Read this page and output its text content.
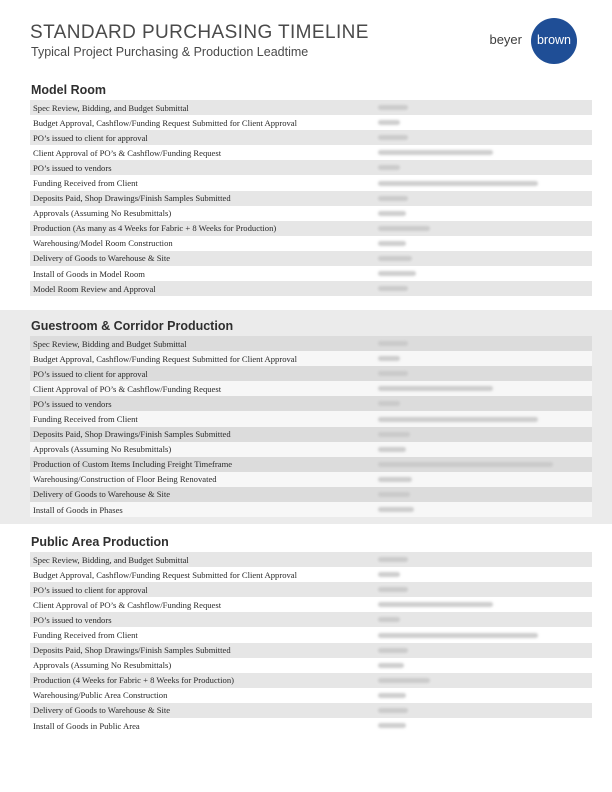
STANDARD PURCHASING TIMELINE
Typical Project Purchasing & Production Leadtime
beyer	brown
Model Room
Spec Review, Bidding, and Budget Submittal
Budget Approval, Cashflow/Funding Request Submitted for Client Approval
PO’s issued to client for approval
Client Approval of PO’s & Cashflow/Funding Request
PO’s issued to vendors
Funding Received from Client
Deposits Paid, Shop Drawings/Finish Samples Submitted
Approvals (Assuming No Resubmittals)
Production (As many as 4 Weeks for Fabric + 8 Weeks for Production)
Warehousing/Model Room Construction
Delivery of Goods to Warehouse & Site
Install of Goods in Model Room
Model Room Review and Approval
Guestroom & Corridor Production
Spec Review, Bidding and Budget Submittal
Budget Approval, Cashflow/Funding Request Submitted for Client Approval
PO’s issued to client for approval
Client Approval of PO’s & Cashflow/Funding Request
PO’s issued to vendors
Funding Received from Client
Deposits Paid, Shop Drawings/Finish Samples Submitted
Approvals (Assuming No Resubmittals)
Production of Custom Items Including Freight Timeframe
Warehousing/Construction of Floor Being Renovated
Delivery of Goods to Warehouse & Site
Install of Goods in Phases
Public Area Production
Spec Review, Bidding, and Budget Submittal
Budget Approval, Cashflow/Funding Request Submitted for Client Approval
PO’s issued to client for approval
Client Approval of PO’s & Cashflow/Funding Request
PO’s issued to vendors
Funding Received from Client
Deposits Paid, Shop Drawings/Finish Samples Submitted
Approvals (Assuming No Resubmittals)
Production (4 Weeks for Fabric + 8 Weeks for Production)
Warehousing/Public Area Construction
Delivery of Goods to Warehouse & Site
Install of Goods in Public Area
